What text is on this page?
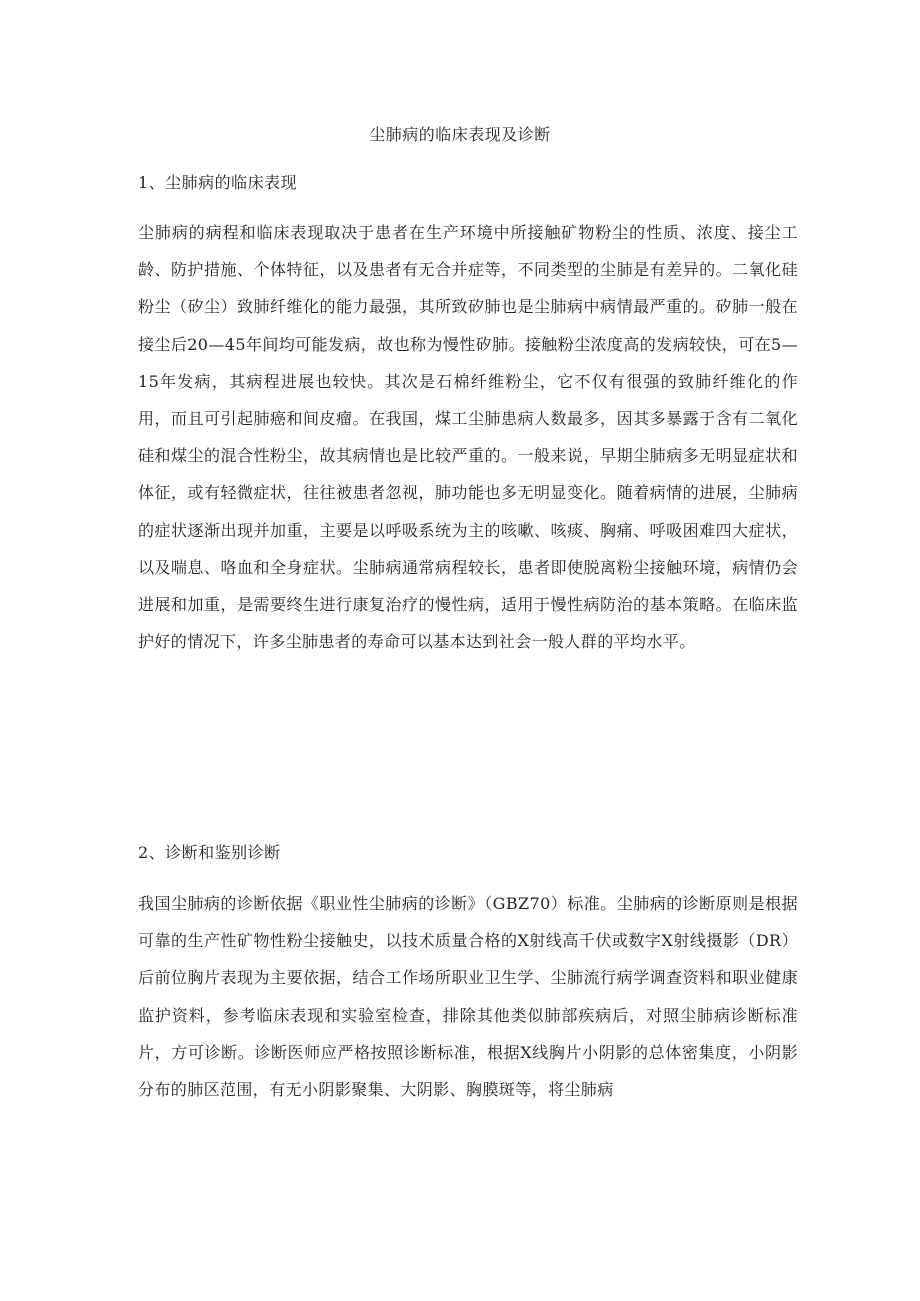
尘肺病的临床表现及诊断
1、尘肺病的临床表现

尘肺病的病程和临床表现取决于患者在生产环境中所接触矿物粉尘的性质、浓度、接尘工龄、防护措施、个体特征，以及患者有无合并症等，不同类型的尘肺是有差异的。二氧化硅粉尘（矽尘）致肺纤维化的能力最强，其所致矽肺也是尘肺病中病情最严重的。矽肺一般在接尘后20—45年间均可能发病，故也称为慢性矽肺。接触粉尘浓度高的发病较快，可在5—15年发病，其病程进展也较快。其次是石棉纤维粉尘，它不仅有很强的致肺纤维化的作用，而且可引起肺癌和间皮瘤。在我国，煤工尘肺患病人数最多，因其多暴露于含有二氧化硅和煤尘的混合性粉尘，故其病情也是比较严重的。一般来说，早期尘肺病多无明显症状和体征，或有轻微症状，往往被患者忽视，肺功能也多无明显变化。随着病情的进展，尘肺病的症状逐渐出现并加重，主要是以呼吸系统为主的咳嗽、咳痰、胸痛、呼吸困难四大症状，以及喘息、咯血和全身症状。尘肺病通常病程较长，患者即使脱离粉尘接触环境，病情仍会进展和加重，是需要终生进行康复治疗的慢性病，适用于慢性病防治的基本策略。在临床监护好的情况下，许多尘肺患者的寿命可以基本达到社会一般人群的平均水平。

2、诊断和鉴别诊断

我国尘肺病的诊断依据《职业性尘肺病的诊断》（GBZ70）标准。尘肺病的诊断原则是根据可靠的生产性矿物性粉尘接触史，以技术质量合格的X射线高千伏或数字X射线摄影（DR）后前位胸片表现为主要依据，结合工作场所职业卫生学、尘肺流行病学调查资料和职业健康监护资料，参考临床表现和实验室检查，排除其他类似肺部疾病后，对照尘肺病诊断标准片，方可诊断。诊断医师应严格按照诊断标准，根据X线胸片小阴影的总体密集度，小阴影分布的肺区范围，有无小阴影聚集、大阴影、胸膜斑等，将尘肺病
